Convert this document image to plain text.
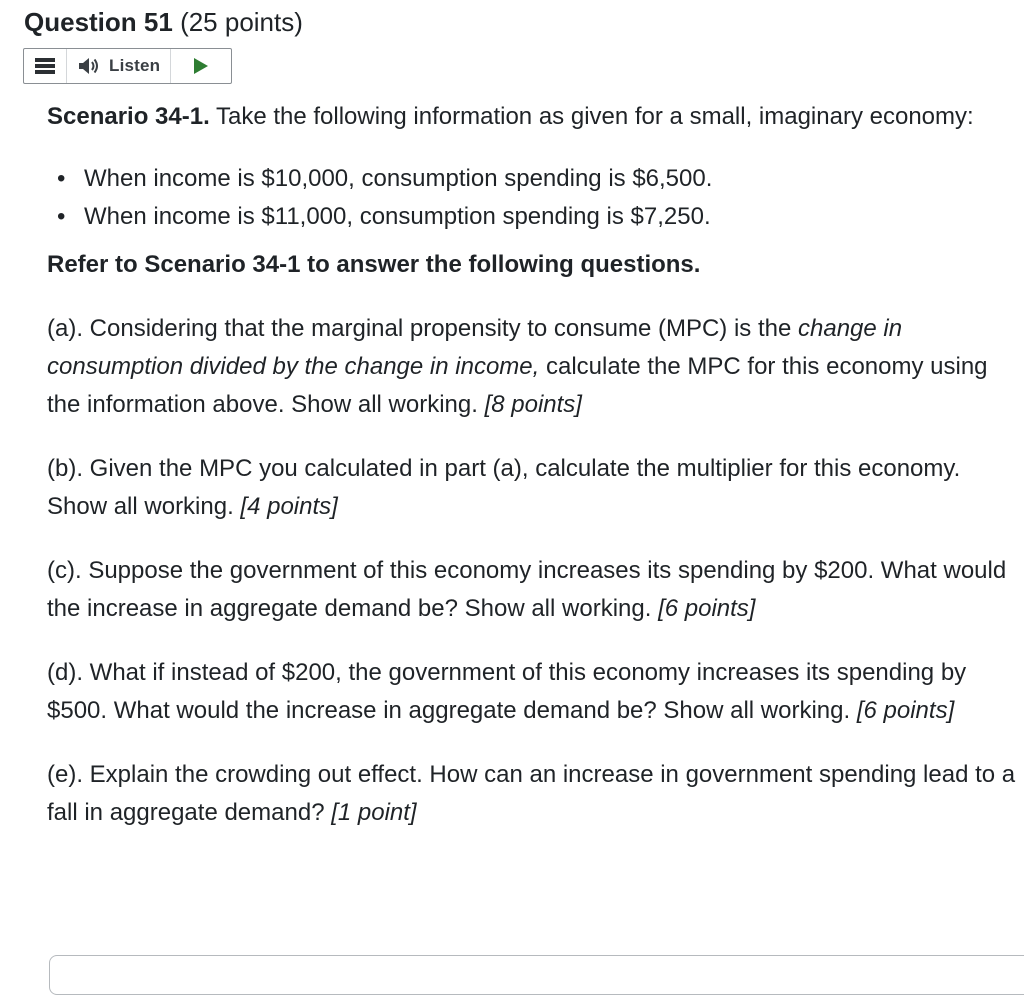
Question 51 (25 points)
Listen

Scenario 34-1. Take the following information as given for a small, imaginary economy:

• When income is $10,000, consumption spending is $6,500.
• When income is $11,000, consumption spending is $7,250.

Refer to Scenario 34-1 to answer the following questions.

(a). Considering that the marginal propensity to consume (MPC) is the change in consumption divided by the change in income, calculate the MPC for this economy using the information above. Show all working. [8 points]

(b). Given the MPC you calculated in part (a), calculate the multiplier for this economy. Show all working. [4 points]

(c). Suppose the government of this economy increases its spending by $200. What would the increase in aggregate demand be? Show all working. [6 points]

(d). What if instead of $200, the government of this economy increases its spending by $500. What would the increase in aggregate demand be? Show all working. [6 points]

(e). Explain the crowding out effect. How can an increase in government spending lead to a fall in aggregate demand? [1 point]
